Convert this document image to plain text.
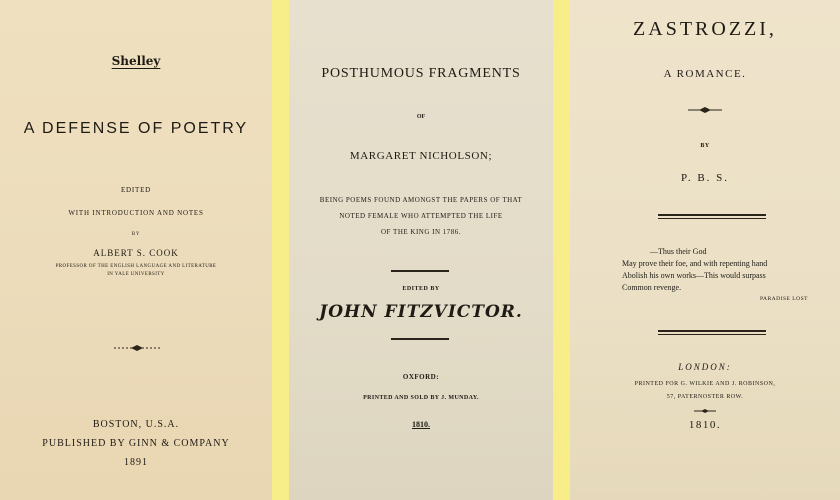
Shelley
A DEFENSE OF POETRY
EDITED
WITH INTRODUCTION AND NOTES
BY
ALBERT S. COOK
PROFESSOR OF THE ENGLISH LANGUAGE AND LITERATURE
IN YALE UNIVERSITY
BOSTON, U.S.A.
PUBLISHED BY GINN & COMPANY
1891
POSTHUMOUS FRAGMENTS
OF
MARGARET NICHOLSON;
BEING POEMS FOUND AMONGST THE PAPERS OF THAT
NOTED FEMALE WHO ATTEMPTED THE LIFE
OF THE KING IN 1786.
EDITED BY
JOHN FITZVICTOR.
OXFORD:
PRINTED AND SOLD BY J. MUNDAY.
1810.
ZASTROZZI,
A ROMANCE.
BY
P. B. S.
—Thus their God
May prove their foe, and with repenting hand
Abolish his own works—This would surpass
Common revenge.
PARADISE LOST
LONDON:
PRINTED FOR G. WILKIE AND J. ROBINSON,
57, PATERNOSTER ROW.
1810.
